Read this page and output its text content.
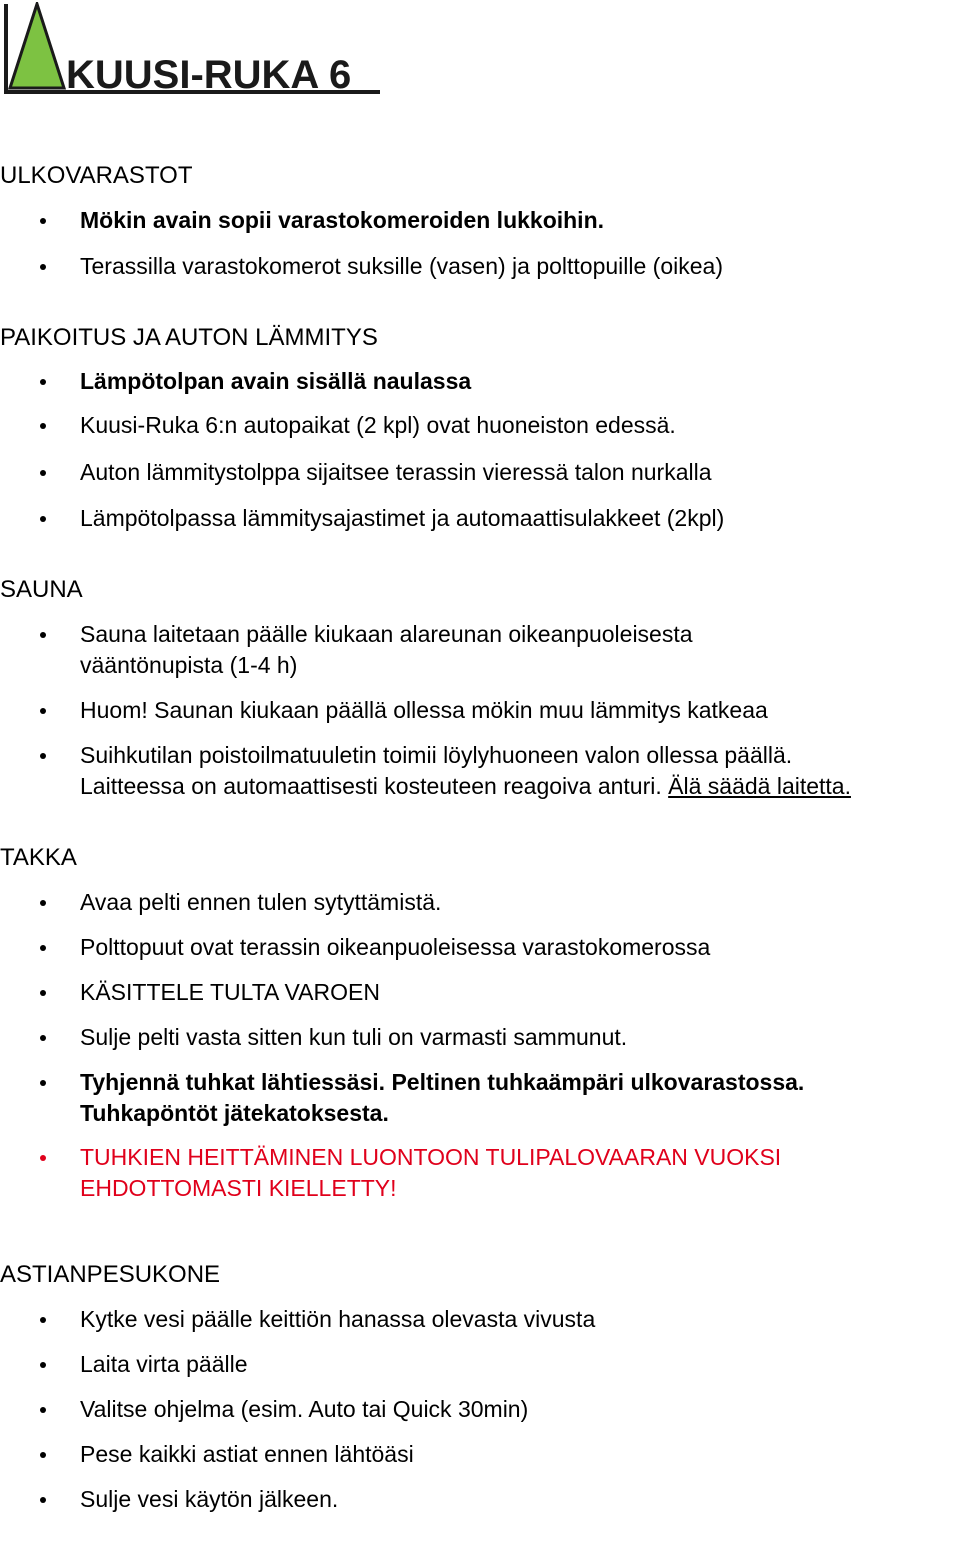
KUUSI-RUKA 6
ULKOVARASTOT
Mökin avain sopii varastokomeroiden lukkoihin.
Terassilla varastokomerot suksille (vasen) ja polttopuille (oikea)
PAIKOITUS JA AUTON LÄMMITYS
Lämpötolpan avain sisällä naulassa
Kuusi-Ruka 6:n autopaikat (2 kpl) ovat huoneiston edessä.
Auton lämmitystolppa sijaitsee terassin vieressä talon nurkalla
Lämpötolpassa lämmitysajastimet ja automaattisulakkeet (2kpl)
SAUNA
Sauna laitetaan päälle kiukaan alareunan oikeanpuoleisesta
vääntönupista (1-4 h)
Huom! Saunan kiukaan päällä ollessa mökin muu lämmitys katkeaa
Suihkutilan poistoilmatuuletin toimii löylyhuoneen valon ollessa päällä.
Laitteessa on automaattisesti kosteuteen reagoiva anturi. Älä säädä laitetta.
TAKKA
Avaa pelti ennen tulen sytyttämistä.
Polttopuut ovat terassin oikeanpuoleisessa varastokomerossa
KÄSITTELE TULTA VAROEN
Sulje pelti vasta sitten kun tuli on varmasti sammunut.
Tyhjennä tuhkat lähtiessäsi. Peltinen tuhkaämpäri ulkovarastossa.
Tuhkapöntöt jätekatoksesta.
TUHKIEN HEITTÄMINEN LUONTOON TULIPALOVAARAN VUOKSI
EHDOTTOMASTI KIELLETTY!
ASTIANPESUKONE
Kytke vesi päälle keittiön hanassa olevasta vivusta
Laita virta päälle
Valitse ohjelma (esim. Auto tai Quick 30min)
Pese kaikki astiat ennen lähtöäsi
Sulje vesi käytön jälkeen.
